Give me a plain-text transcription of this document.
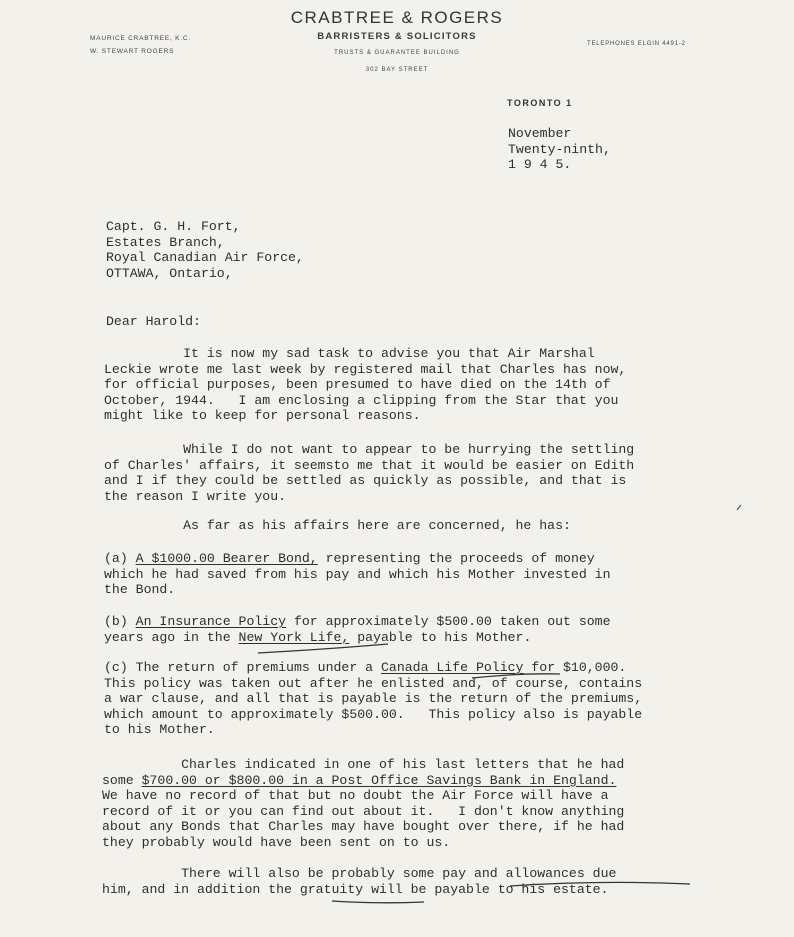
CRABTREE & ROGERS
BARRISTERS & SOLICITORS
TRUSTS & GUARANTEE BUILDING
302 BAY STREET
MAURICE CRABTREE, K.C.
W. STEWART ROGERS
TELEPHONES ELGIN 4491-2
TORONTO 1
November
Twenty-ninth,
1 9 4 5.
Capt. G. H. Fort,
Estates Branch,
Royal Canadian Air Force,
OTTAWA, Ontario,
Dear Harold:
It is now my sad task to advise you that Air Marshal
Leckie wrote me last week by registered mail that Charles has now,
for official purposes, been presumed to have died on the 14th of
October, 1944.   I am enclosing a clipping from the Star that you
might like to keep for personal reasons.
While I do not want to appear to be hurrying the settling
of Charles' affairs, it seemsto me that it would be easier on Edith
and I if they could be settled as quickly as possible, and that is
the reason I write you.
As far as his affairs here are concerned, he has:
(a) A $1000.00 Bearer Bond, representing the proceeds of money
which he had saved from his pay and which his Mother invested in
the Bond.
(b) An Insurance Policy for approximately $500.00 taken out some
years ago in the New York Life, payable to his Mother.
(c) The return of premiums under a Canada Life Policy for $10,000.
This policy was taken out after he enlisted and, of course, contains
a war clause, and all that is payable is the return of the premiums,
which amount to approximately $500.00.   This policy also is payable
to his Mother.
Charles indicated in one of his last letters that he had
some $700.00 or $800.00 in a Post Office Savings Bank in England.
We have no record of that but no doubt the Air Force will have a
record of it or you can find out about it.   I don't know anything
about any Bonds that Charles may have bought over there, if he had
they probably would have been sent on to us.
There will also be probably some pay and allowances due
him, and in addition the gratuity will be payable to his estate.
